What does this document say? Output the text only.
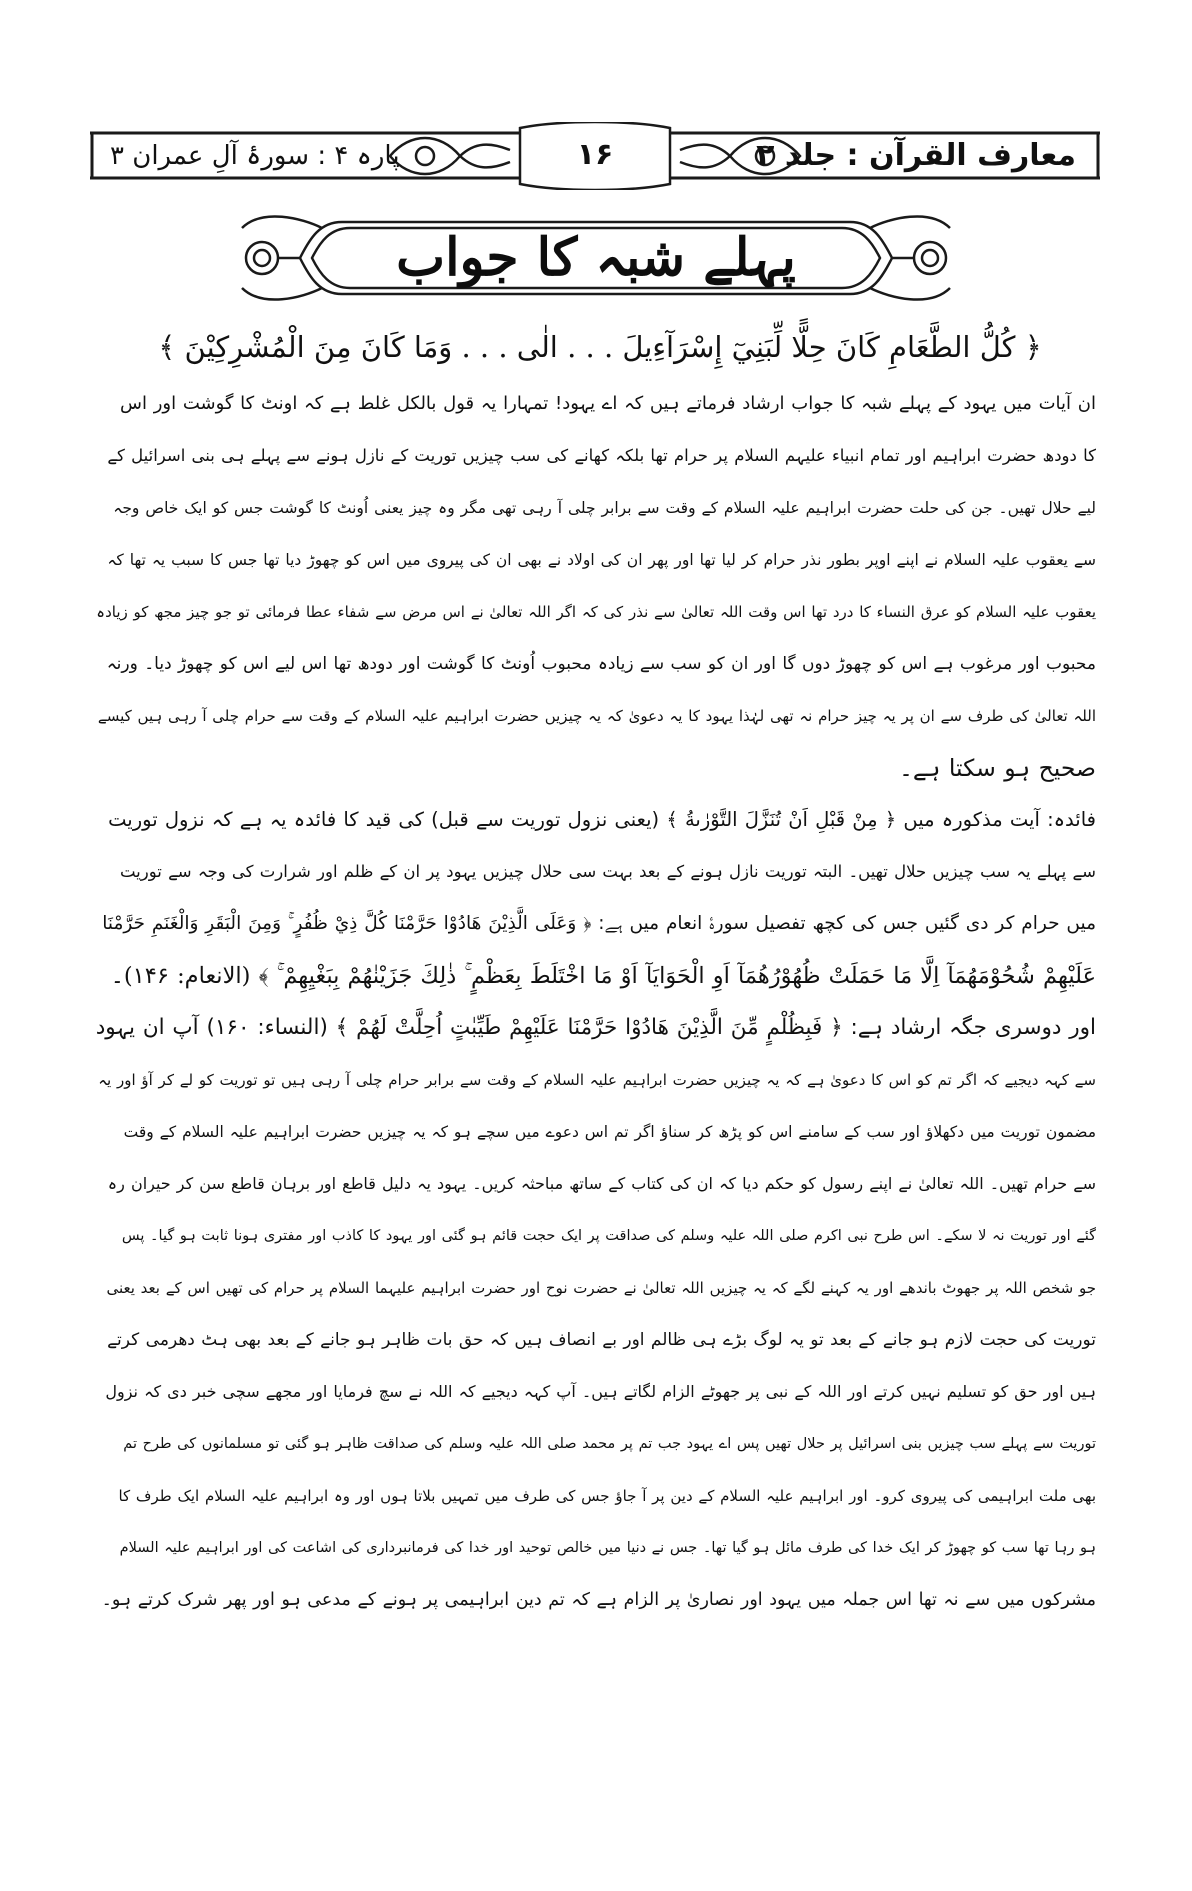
معارف القرآن : جلد ۲
۱۶
پارہ ۴ : سورۂ آلِ عمران ۳
پہلے شبہ کا جواب
﴿ كُلُّ الطَّعَامِ كَانَ حِلًّا لِّبَنِيٓ إِسْرَآءِيلَ . . . الٰی . . . وَمَا كَانَ مِنَ الْمُشْرِكِيْنَ ﴾
ان آیات میں یہود کے پہلے شبہ کا جواب ارشاد فرماتے ہیں کہ اے یہود! تمہارا یہ قول بالکل غلط ہے کہ اونٹ کا گوشت اور اس
کا دودھ حضرت ابراہیم اور تمام انبیاء علیہم السلام پر حرام تھا بلکہ کھانے کی سب چیزیں توریت کے نازل ہونے سے پہلے ہی بنی اسرائیل کے
لیے حلال تھیں۔ جن کی حلت حضرت ابراہیم علیہ السلام کے وقت سے برابر چلی آ رہی تھی مگر وہ چیز یعنی اُونٹ کا گوشت جس کو ایک خاص وجہ
سے یعقوب علیہ السلام نے اپنے اوپر بطور نذر حرام کر لیا تھا اور پھر ان کی اولاد نے بھی ان کی پیروی میں اس کو چھوڑ دیا تھا جس کا سبب یہ تھا کہ
یعقوب علیہ السلام کو عرق النساء کا درد تھا اس وقت اللہ تعالیٰ سے نذر کی کہ اگر اللہ تعالیٰ نے اس مرض سے شفاء عطا فرمائی تو جو چیز مجھ کو زیادہ
محبوب اور مرغوب ہے اس کو چھوڑ دوں گا اور ان کو سب سے زیادہ محبوب اُونٹ کا گوشت اور دودھ تھا اس لیے اس کو چھوڑ دیا۔ ورنہ
اللہ تعالیٰ کی طرف سے ان پر یہ چیز حرام نہ تھی لہٰذا یہود کا یہ دعویٰ کہ یہ چیزیں حضرت ابراہیم علیہ السلام کے وقت سے حرام چلی آ رہی ہیں کیسے
صحیح ہو سکتا ہے۔
فائدہ: آیت مذکورہ میں ﴿ مِنْ قَبْلِ اَنْ تُنَزَّلَ التَّوْرٰىةُ ﴾ (یعنی نزول توریت سے قبل) کی قید کا فائدہ یہ ہے کہ نزول توریت
سے پہلے یہ سب چیزیں حلال تھیں۔ البتہ توریت نازل ہونے کے بعد بہت سی حلال چیزیں یہود پر ان کے ظلم اور شرارت کی وجہ سے توریت
میں حرام کر دی گئیں جس کی کچھ تفصیل سورۂ انعام میں ہے: ﴿ وَعَلَى الَّذِيْنَ هَادُوْا حَرَّمْنَا كُلَّ ذِيْ ظُفُرٍ ۚ وَمِنَ الْبَقَرِ وَالْغَنَمِ حَرَّمْنَا
عَلَيْهِمْ شُحُوْمَهُمَآ اِلَّا مَا حَمَلَتْ ظُهُوْرُهُمَآ اَوِ الْحَوَايَآ اَوْ مَا اخْتَلَطَ بِعَظْمٍ ۚ ذٰلِكَ جَزَيْنٰهُمْ بِبَغْيِهِمْ ۚ ﴾ (الانعام: ۱۴۶)۔
اور دوسری جگہ ارشاد ہے: ﴿ فَبِظُلْمٍ مِّنَ الَّذِيْنَ هَادُوْا حَرَّمْنَا عَلَيْهِمْ طَيِّبٰتٍ اُحِلَّتْ لَهُمْ ﴾ (النساء: ۱۶۰) آپ ان یہود
سے کہہ دیجیے کہ اگر تم کو اس کا دعویٰ ہے کہ یہ چیزیں حضرت ابراہیم علیہ السلام کے وقت سے برابر حرام چلی آ رہی ہیں تو توریت کو لے کر آؤ اور یہ
مضمون توریت میں دکھلاؤ اور سب کے سامنے اس کو پڑھ کر سناؤ اگر تم اس دعوے میں سچے ہو کہ یہ چیزیں حضرت ابراہیم علیہ السلام کے وقت
سے حرام تھیں۔ اللہ تعالیٰ نے اپنے رسول کو حکم دیا کہ ان کی کتاب کے ساتھ مباحثہ کریں۔ یہود یہ دلیل قاطع اور برہان قاطع سن کر حیران رہ
گئے اور توریت نہ لا سکے۔ اس طرح نبی اکرم صلی اللہ علیہ وسلم کی صداقت پر ایک حجت قائم ہو گئی اور یہود کا کاذب اور مفتری ہونا ثابت ہو گیا۔ پس
جو شخص اللہ پر جھوٹ باندھے اور یہ کہنے لگے کہ یہ چیزیں اللہ تعالیٰ نے حضرت نوح اور حضرت ابراہیم علیہما السلام پر حرام کی تھیں اس کے بعد یعنی
توریت کی حجت لازم ہو جانے کے بعد تو یہ لوگ بڑے ہی ظالم اور بے انصاف ہیں کہ حق بات ظاہر ہو جانے کے بعد بھی ہٹ دھرمی کرتے
ہیں اور حق کو تسلیم نہیں کرتے اور اللہ کے نبی پر جھوٹے الزام لگاتے ہیں۔ آپ کہہ دیجیے کہ اللہ نے سچ فرمایا اور مجھے سچی خبر دی کہ نزول
توریت سے پہلے سب چیزیں بنی اسرائیل پر حلال تھیں پس اے یہود جب تم پر محمد صلی اللہ علیہ وسلم کی صداقت ظاہر ہو گئی تو مسلمانوں کی طرح تم
بھی ملت ابراہیمی کی پیروی کرو۔ اور ابراہیم علیہ السلام کے دین پر آ جاؤ جس کی طرف میں تمہیں بلاتا ہوں اور وہ ابراہیم علیہ السلام ایک طرف کا
ہو رہا تھا سب کو چھوڑ کر ایک خدا کی طرف مائل ہو گیا تھا۔ جس نے دنیا میں خالص توحید اور خدا کی فرمانبرداری کی اشاعت کی اور ابراہیم علیہ السلام
مشرکوں میں سے نہ تھا اس جملہ میں یہود اور نصاریٰ پر الزام ہے کہ تم دین ابراہیمی پر ہونے کے مدعی ہو اور پھر شرک کرتے ہو۔
